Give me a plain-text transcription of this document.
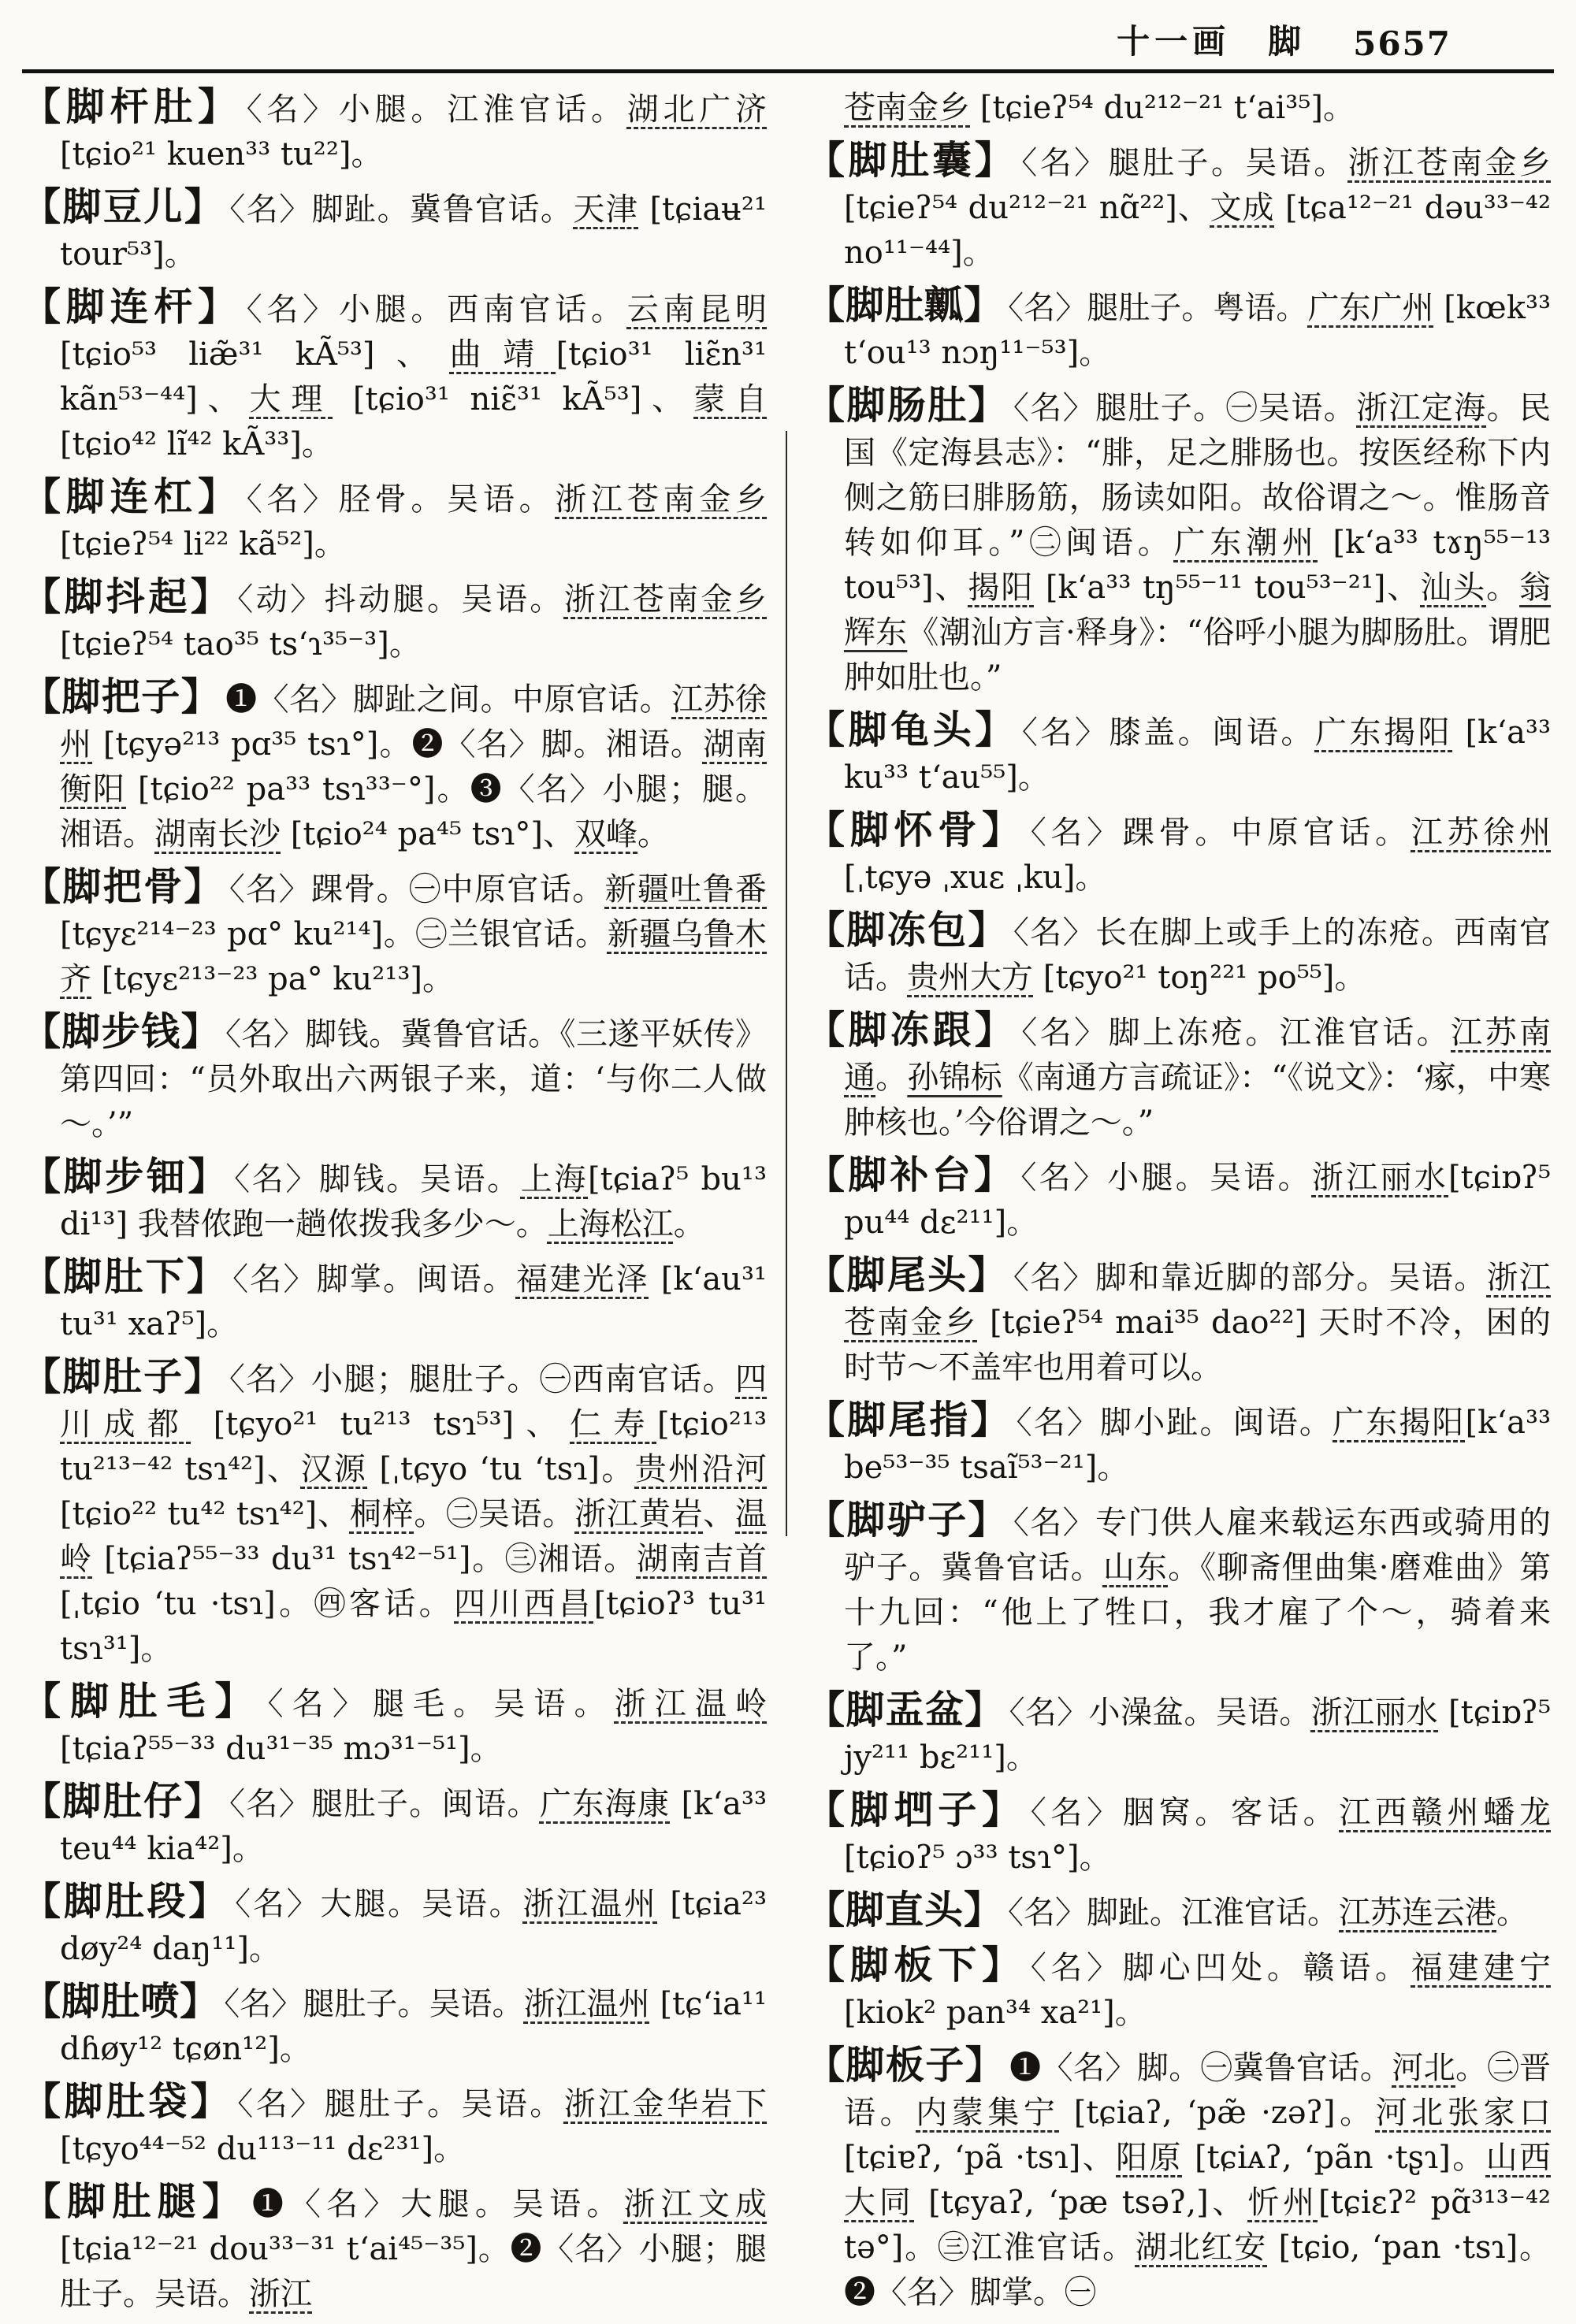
十一画  脚 5657
【脚杆肚】 〈名〉小腿。江淮官话。湖北广济 [tɕio²¹ kuen³³ tu²²]。
【脚豆儿】 〈名〉脚趾。冀鲁官话。天津 [tɕiaʉ²¹ tour⁵³]。
【脚连杆】 〈名〉小腿。西南官话。云南昆明 [tɕio⁵³ liæ̃³¹ kÃ⁵³]、曲靖[tɕio³¹ liɛ̃n³¹ kãn⁵³⁻⁴⁴]、大理 [tɕio³¹ niɛ̃³¹ kÃ⁵³]、蒙自 [tɕio⁴² lĩ⁴² kÃ³³]。
【脚连杠】 〈名〉胫骨。吴语。浙江苍南金乡 [tɕieʔ⁵⁴ li²² kã⁵²]。
【脚抖起】 〈动〉抖动腿。吴语。浙江苍南金乡 [tɕieʔ⁵⁴ tao³⁵ tsʻɿ³⁵⁻³]。
【脚把子】 ❶〈名〉脚趾之间。中原官话。江苏徐州 [tɕyə²¹³ pɑ³⁵ tsɿ°]。❷〈名〉脚。湘语。湖南衡阳 [tɕio²² pa³³ tsɿ³³⁻°]。❸〈名〉小腿；腿。湘语。湖南长沙 [tɕio²⁴ pa⁴⁵ tsɿ°]、双峰。
【脚把骨】 〈名〉踝骨。㊀中原官话。新疆吐鲁番 [tɕyɛ²¹⁴⁻²³ pɑ° ku²¹⁴]。㊁兰银官话。新疆乌鲁木齐 [tɕyɛ²¹³⁻²³ pa° ku²¹³]。
【脚步钱】 〈名〉脚钱。冀鲁官话。《三遂平妖传》第四回：“员外取出六两银子来，道：‘与你二人做～。’”
【脚步钿】 〈名〉脚钱。吴语。上海[tɕiaʔ⁵ bu¹³ di¹³] 我替侬跑一趟侬拨我多少～。上海松江。
【脚肚下】 〈名〉脚掌。闽语。福建光泽 [kʻau³¹ tu³¹ xaʔ⁵]。
【脚肚子】 〈名〉小腿；腿肚子。㊀西南官话。四川成都 [tɕyo²¹ tu²¹³ tsɿ⁵³]、仁寿[tɕio²¹³ tu²¹³⁻⁴² tsɿ⁴²]、汉源 [ˌtɕyo ʻtu ʻtsɿ]。贵州沿河 [tɕio²² tu⁴² tsɿ⁴²]、桐梓。㊁吴语。浙江黄岩、温岭 [tɕiaʔ⁵⁵⁻³³ du³¹ tsɿ⁴²⁻⁵¹]。㊂湘语。湖南吉首 [ˌtɕio ʻtu ·tsɿ]。㊃客话。四川西昌[tɕioʔ³ tu³¹ tsɿ³¹]。
【脚肚毛】 〈名〉腿毛。吴语。浙江温岭 [tɕiaʔ⁵⁵⁻³³ du³¹⁻³⁵ mɔ³¹⁻⁵¹]。
【脚肚仔】 〈名〉腿肚子。闽语。广东海康 [kʻa³³ teu⁴⁴ kia⁴²]。
【脚肚段】 〈名〉大腿。吴语。浙江温州 [tɕia²³ døy²⁴ daŋ¹¹]。
【脚肚喷】 〈名〉腿肚子。吴语。浙江温州 [tɕʻia¹¹ dɦøy¹² tɕøn¹²]。
【脚肚袋】 〈名〉腿肚子。吴语。浙江金华岩下 [tɕyo⁴⁴⁻⁵² du¹¹³⁻¹¹ dɛ²³¹]。
【脚肚腿】 ❶〈名〉大腿。吴语。浙江文成 [tɕia¹²⁻²¹ dou³³⁻³¹ tʻai⁴⁵⁻³⁵]。❷〈名〉小腿；腿肚子。吴语。浙江
苍南金乡 [tɕieʔ⁵⁴ du²¹²⁻²¹ tʻai³⁵]。
【脚肚囊】 〈名〉腿肚子。吴语。浙江苍南金乡[tɕieʔ⁵⁴ du²¹²⁻²¹ nɑ̃²²]、文成 [tɕa¹²⁻²¹ dəu³³⁻⁴² no¹¹⁻⁴⁴]。
【脚肚瓤】 〈名〉腿肚子。粤语。广东广州 [kœk³³ tʻou¹³ nɔŋ¹¹⁻⁵³]。
【脚肠肚】 〈名〉腿肚子。㊀吴语。浙江定海。民国《定海县志》：“腓，足之腓肠也。按医经称下内侧之筋曰腓肠筋，肠读如阳。故俗谓之～。惟肠音转如仰耳。”㊁闽语。广东潮州 [kʻa³³ tɤŋ⁵⁵⁻¹³ tou⁵³]、揭阳 [kʻa³³ tŋ⁵⁵⁻¹¹ tou⁵³⁻²¹]、汕头。翁辉东《潮汕方言·释身》：“俗呼小腿为脚肠肚。谓肥肿如肚也。”
【脚龟头】 〈名〉膝盖。闽语。广东揭阳 [kʻa³³ ku³³ tʻau⁵⁵]。
【脚怀骨】 〈名〉踝骨。中原官话。江苏徐州 [ˌtɕyə ˌxuɛ ˌku]。
【脚冻包】 〈名〉长在脚上或手上的冻疮。西南官话。贵州大方 [tɕyo²¹ toŋ²²¹ po⁵⁵]。
【脚冻跟】 〈名〉脚上冻疮。江淮官话。江苏南通。孙锦标《南通方言疏证》：“《说文》：‘瘃，中寒肿核也。’今俗谓之～。”
【脚补台】 〈名〉小腿。吴语。浙江丽水[tɕiɒʔ⁵ pu⁴⁴ dɛ²¹¹]。
【脚尾头】 〈名〉脚和靠近脚的部分。吴语。浙江苍南金乡 [tɕieʔ⁵⁴ mai³⁵ dao²²] 天时不冷，困的时节～不盖牢也用着可以。
【脚尾指】 〈名〉脚小趾。闽语。广东揭阳[kʻa³³ be⁵³⁻³⁵ tsaĩ⁵³⁻²¹]。
【脚驴子】 〈名〉专门供人雇来载运东西或骑用的驴子。冀鲁官话。山东。《聊斋俚曲集·磨难曲》第十九回：“他上了牲口，我才雇了个～，骑着来了。”
【脚盂盆】 〈名〉小澡盆。吴语。浙江丽水 [tɕiɒʔ⁵ jy²¹¹ bɛ²¹¹]。
【脚垇子】 〈名〉胭窝。客话。江西赣州蟠龙 [tɕioʔ⁵ ɔ³³ tsɿ°]。
【脚直头】 〈名〉脚趾。江淮官话。江苏连云港。
【脚板下】 〈名〉脚心凹处。赣语。福建建宁 [kiok² pan³⁴ xa²¹]。
【脚板子】 ❶〈名〉脚。㊀冀鲁官话。河北。㊁晋语。内蒙集宁 [tɕiaʔ, ʻpæ̃ ·zəʔ]。河北张家口[tɕiɐʔ, ʻpã ·tsɿ]、阳原 [tɕiᴀʔ, ʻpãn ·tʂɿ]。山西大同 [tɕyaʔ, ʻpæ tsəʔ,]、忻州[tɕiɛʔ² pɑ̃³¹³⁻⁴² tə°]。㊂江淮官话。湖北红安 [tɕio, ʻpan ·tsɿ]。❷〈名〉脚掌。㊀
